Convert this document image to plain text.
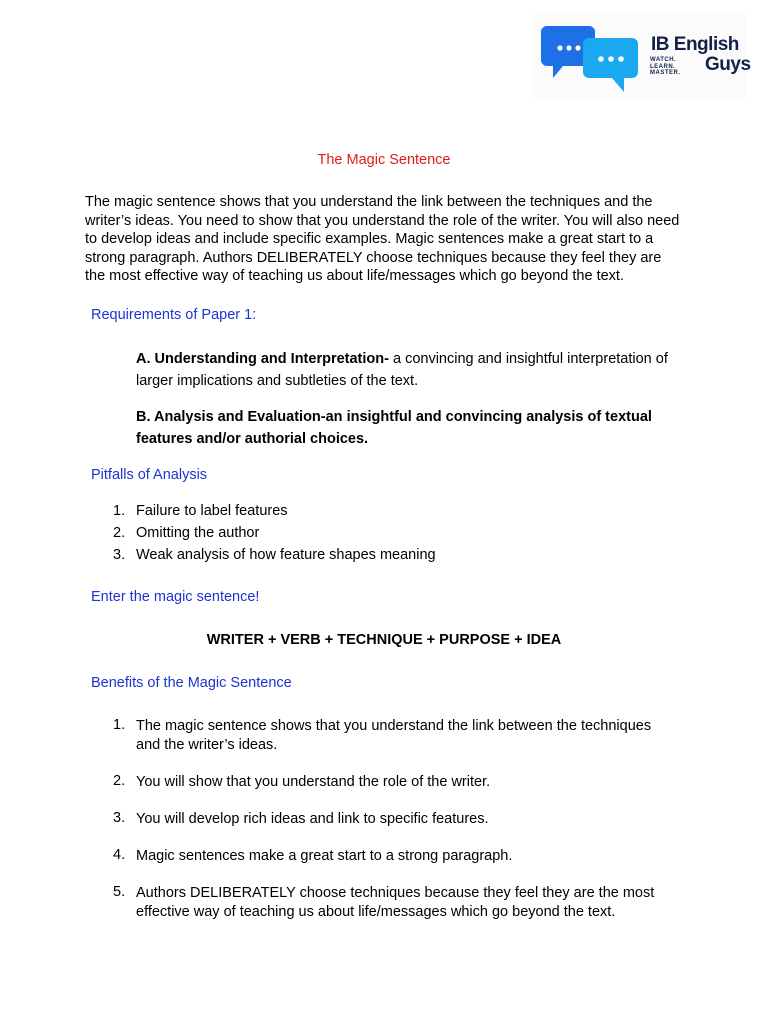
IB English
WATCH. LEARN. MASTER.	Guys
The Magic Sentence
The magic sentence shows that you understand the link between the techniques and the writer’s ideas. You need to show that you understand the role of the writer. You will also need to develop ideas and include specific examples. Magic sentences make a great start to a strong paragraph. Authors DELIBERATELY choose techniques because they feel they are the most effective way of teaching us about life/messages which go beyond the text.
Requirements of Paper 1:
A. Understanding and Interpretation- a convincing and insightful interpretation of larger implications and subtleties of the text.
B. Analysis and Evaluation-an insightful and convincing analysis of textual features and/or authorial choices.
Pitfalls of Analysis
1. Failure to label features
2. Omitting the author
3. Weak analysis of how feature shapes meaning
Enter the magic sentence!
WRITER + VERB + TECHNIQUE + PURPOSE + IDEA
Benefits of the Magic Sentence
1. The magic sentence shows that you understand the link between the techniques and the writer’s ideas.
2. You will show that you understand the role of the writer.
3. You will develop rich ideas and link to specific features.
4. Magic sentences make a great start to a strong paragraph.
5. Authors DELIBERATELY choose techniques because they feel they are the most effective way of teaching us about life/messages which go beyond the text.
